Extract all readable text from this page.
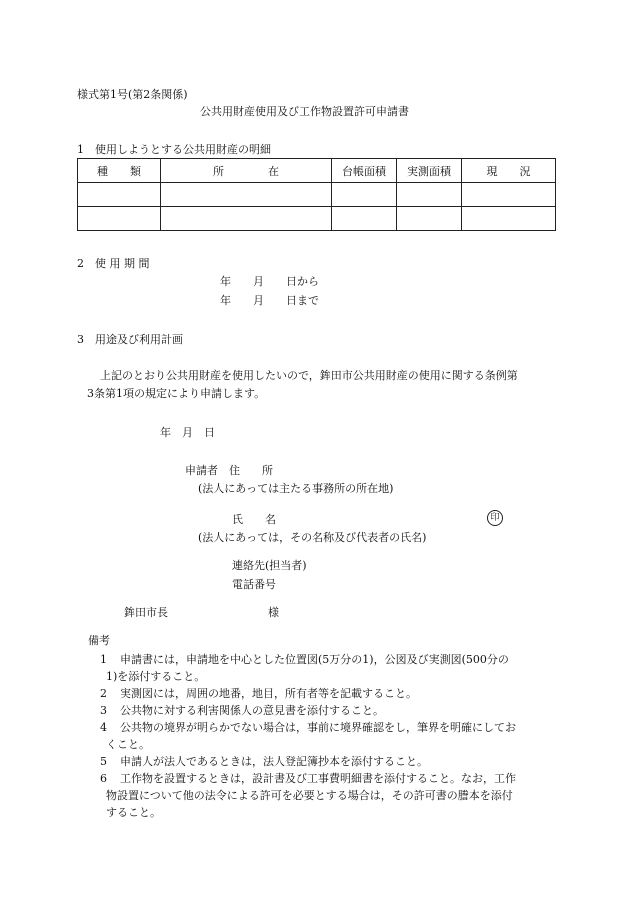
様式第1号(第2条関係)
公共用財産使用及び工作物設置許可申請書
1　使用しようとする公共用財産の明細
種　　類	所　　　　在	台帳面積	実測面積	現　　況

2　使 用 期 間
年　　月　　日から
年　　月　　日まで
3　用途及び利用計画
上記のとおり公共用財産を使用したいので，鉾田市公共用財産の使用に関する条例第
3条第1項の規定により申請します。
年　月　日
申請者　住　　所
(法人にあっては主たる事務所の所在地)
氏　　名	印
(法人にあっては，その名称及び代表者の氏名)
連絡先(担当者)
電話番号
鉾田市長	様
備考
1 申請書には，申請地を中心とした位置図(5万分の1)，公図及び実測図(500分の
1)を添付すること。
2 実測図には，周囲の地番，地目，所有者等を記載すること。
3 公共物に対する利害関係人の意見書を添付すること。
4 公共物の境界が明らかでない場合は，事前に境界確認をし，筆界を明確にしてお
くこと。
5 申請人が法人であるときは，法人登記簿抄本を添付すること。
6 工作物を設置するときは，設計書及び工事費明細書を添付すること。なお，工作
物設置について他の法令による許可を必要とする場合は，その許可書の謄本を添付
すること。
